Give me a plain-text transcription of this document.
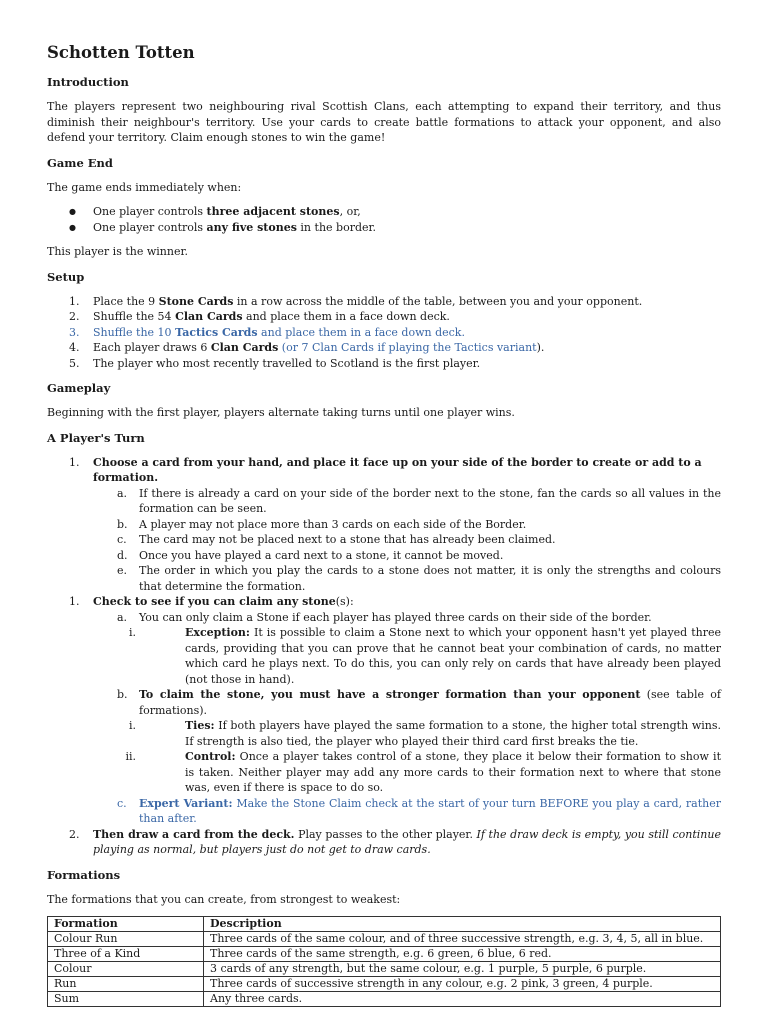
Schotten Totten
Introduction

The players represent two neighbouring rival Scottish Clans, each attempting to expand their territory, and thus diminish their neighbour's territory. Use your cards to create battle formations to attack your opponent, and also defend your territory. Claim enough stones to win the game!

Game End

The game ends immediately when:

● One player controls three adjacent stones, or,
● One player controls any five stones in the border.

This player is the winner.

Setup
1. Place the 9 Stone Cards in a row across the middle of the table, between you and your opponent.
2. Shuffle the 54 Clan Cards and place them in a face down deck.
3. Shuffle the 10 Tactics Cards and place them in a face down deck.
4. Each player draws 6 Clan Cards (or 7 Clan Cards if playing the Tactics variant).
5. The player who most recently travelled to Scotland is the first player.
Gameplay

Beginning with the first player, players alternate taking turns until one player wins.

A Player's Turn
1. Choose a card from your hand, and place it face up on your side of the border to create or add to a formation.
a. If there is already a card on your side of the border next to the stone, fan the cards so all values in the formation can be seen.
b. A player may not place more than 3 cards on each side of the Border.
c. The card may not be placed next to a stone that has already been claimed.
d. Once you have played a card next to a stone, it cannot be moved.
e. The order in which you play the cards to a stone does not matter, it is only the strengths and colours that determine the formation.
1. Check to see if you can claim any stone(s):
a. You can only claim a Stone if each player has played three cards on their side of the border.
i.	Exception: It is possible to claim a Stone next to which your opponent hasn't yet played three cards, providing that you can prove that he cannot beat your combination of cards, no matter which card he plays next. To do this, you can only rely on cards that have already been played (not those in hand).
b. To claim the stone, you must have a stronger formation than your opponent (see table of formations).
i.	Ties: If both players have played the same formation to a stone, the higher total strength wins. If strength is also tied, the player who played their third card first breaks the tie.
ii.	Control: Once a player takes control of a stone, they place it below their formation to show it is taken. Neither player may add any more cards to their formation next to where that stone was, even if there is space to do so.
c. Expert Variant: Make the Stone Claim check at the start of your turn BEFORE you play a card, rather than after.
2. Then draw a card from the deck. Play passes to the other player. If the draw deck is empty, you still continue playing as normal, but players just do not get to draw cards.
Formations

The formations that you can create, from strongest to weakest:

Formation	Description
Colour Run	Three cards of the same colour, and of three successive strength, e.g. 3, 4, 5, all in blue.
Three of a Kind	Three cards of the same strength, e.g. 6 green, 6 blue, 6 red.
Colour	3 cards of any strength, but the same colour, e.g. 1 purple, 5 purple, 6 purple.
Run	Three cards of successive strength in any colour, e.g. 2 pink, 3 green, 4 purple.
Sum	Any three cards.
